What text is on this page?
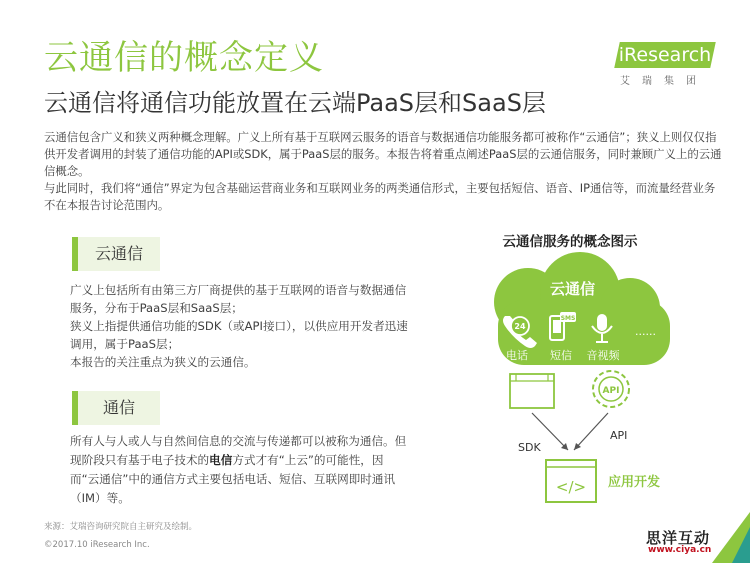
云通信的概念定义
云通信将通信功能放置在云端PaaS层和SaaS层
iResearch
艾瑞集团

云通信包含广义和狭义两种概念理解。广义上所有基于互联网云服务的语音与数据通信功能服务都可被称作“云通信”；狭义上则仅仅指供开发者调用的封装了通信功能的API或SDK，属于PaaS层的服务。本报告将着重点阐述PaaS层的云通信服务，同时兼顾广义上的云通信概念。

与此同时，我们将“通信”界定为包含基础运营商业务和互联网业务的两类通信形式，主要包括短信、语音、IP通信等，而流量经营业务不在本报告讨论范围内。

云通信

广义上包括所有由第三方厂商提供的基于互联网的语音与数据通信服务，分布于PaaS层和SaaS层；

狭义上指提供通信功能的SDK（或API接口），以供应用开发者迅速调用，属于PaaS层；

本报告的关注重点为狭义的云通信。

通信

所有人与人或人与自然间信息的交流与传递都可以被称为通信。但现阶段只有基于电子技术的电信方式才有“上云”的可能性，因而“云通信”中的通信方式主要包括电话、短信、互联网即时通讯（IM）等。

云通信服务的概念图示
云通信
24
SMS
......
电话 短信 音视频
API
SDK
API
</> 应用开发
来源：艾瑞咨询研究院自主研究及绘制。
©2017.10 iResearch Inc.	思洋互动
www.ciya.cn
